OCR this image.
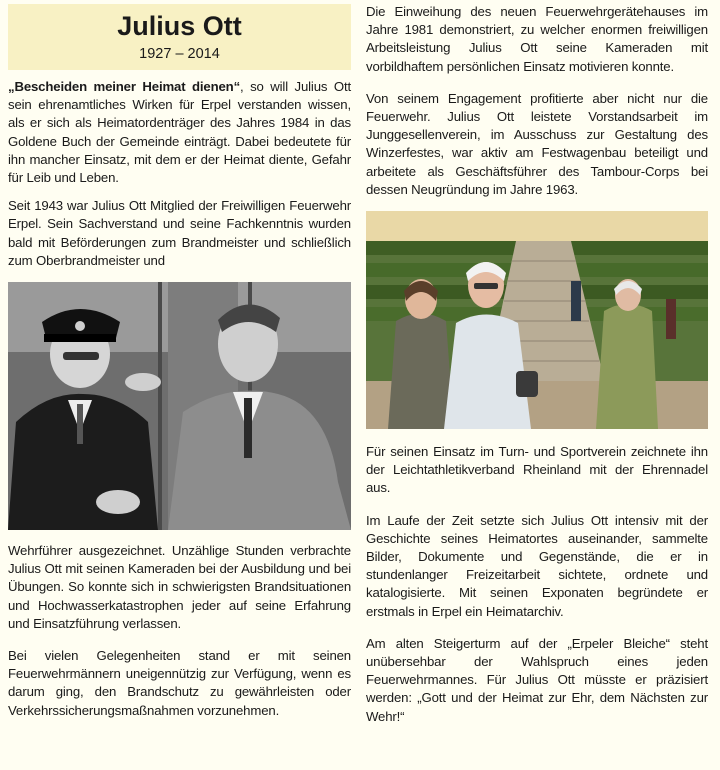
Julius Ott
1927 – 2014

„Bescheiden meiner Heimat dienen“, so will Julius Ott sein ehrenamtliches Wirken für Erpel verstanden wissen, als er sich als Heimatordenträger des Jahres 1984 in das Goldene Buch der Gemeinde einträgt. Dabei bedeutete für ihn mancher Einsatz, mit dem er der Heimat diente, Gefahr für Leib und Leben.

Seit 1943 war Julius Ott Mitglied der Freiwilligen Feuerwehr Erpel. Sein Sachverstand und seine Fachkenntnis wurden bald mit Beförderungen zum Brandmeister und schließlich zum Oberbrandmeister und

Wehrführer ausgezeichnet. Unzählige Stunden verbrachte Julius Ott mit seinen Kameraden bei der Ausbildung und bei Übungen. So konnte sich in schwierigsten Brandsituationen und Hochwasserkatastrophen jeder auf seine Erfahrung und Einsatzführung verlassen.

Bei vielen Gelegenheiten stand er mit seinen Feuerwehrmännern uneigennützig zur Verfügung, wenn es darum ging, den Brandschutz zu gewährleisten oder Verkehrssicherungsmaßnahmen vorzunehmen.

Die Einweihung des neuen Feuerwehrgerätehauses im Jahre 1981 demonstriert, zu welcher enormen freiwilligen Arbeitsleistung Julius Ott seine Kameraden mit vorbildhaftem persönlichen Einsatz motivieren konnte.

Von seinem Engagement profitierte aber nicht nur die Feuerwehr. Julius Ott leistete Vorstandsarbeit im Junggesellenverein, im Ausschuss zur Gestaltung des Winzerfestes, war aktiv am Festwagenbau beteiligt und arbeitete als Geschäftsführer des Tambour-Corps bei dessen Neugründung im Jahre 1963.

Für seinen Einsatz im Turn- und Sportverein zeichnete ihn der Leichtathletikverband Rheinland mit der Ehrennadel aus.

Im Laufe der Zeit setzte sich Julius Ott intensiv mit der Geschichte seines Heimatortes auseinander, sammelte Bilder, Dokumente und Gegenstände, die er in stundenlanger Freizeitarbeit sichtete, ordnete und katalogisierte. Mit seinen Exponaten begründete er erstmals in Erpel ein Heimatarchiv.

Am alten Steigerturm auf der „Erpeler Bleiche“ steht unübersehbar der Wahlspruch eines jeden Feuerwehrmannes. Für Julius Ott müsste er präzisiert werden: „Gott und der Heimat zur Ehr, dem Nächsten zur Wehr!“
